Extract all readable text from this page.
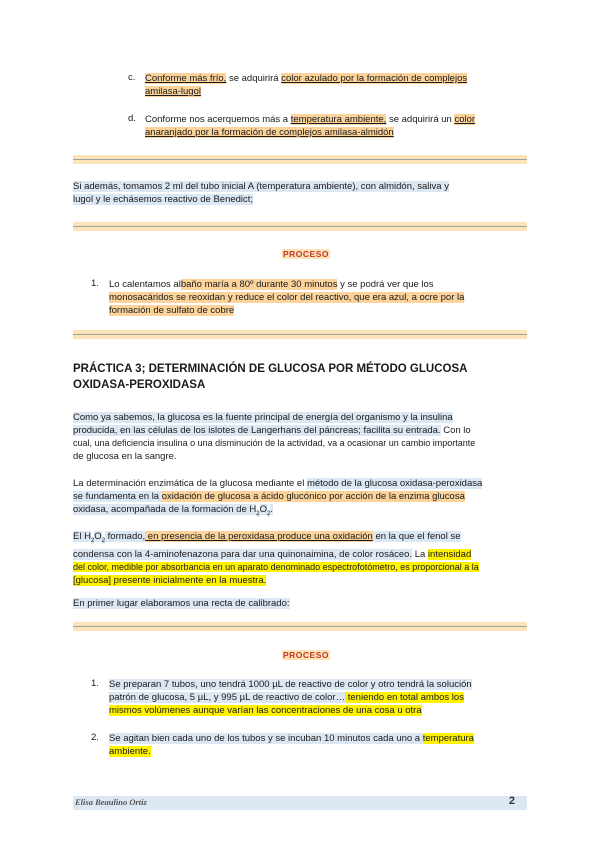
c. Conforme más frío, se adquirirá color azulado por la formación de complejos
amilasa-lugol
d. Conforme nos acerquemos más a temperatura ambiente, se adquirirá un color
anaranjado por la formación de complejos amilasa-almidón
Si además, tomamos 2 ml del tubo inicial A (temperatura ambiente), con almidón, saliva y
lugol y le echásemos reactivo de Benedict;
PROCESO
1. Lo calentamos albaño maría a 80º durante 30 minutos y se podrá ver que los
monosacáridos se reoxidan y reduce el color del reactivo, que era azul, a ocre por la
formación de sulfato de cobre
PRÁCTICA 3; DETERMINACIÓN DE GLUCOSA POR MÉTODO GLUCOSA
OXIDASA-PEROXIDASA
Como ya sabemos, la glucosa es la fuente principal de energía del organismo y la insulina
producida, en las células de los islotes de Langerhans del páncreas; facilita su entrada. Con lo
cual, una deficiencia insulina o una disminución de la actividad, va a ocasionar un cambio importante
de glucosa en la sangre.
La determinación enzimática de la glucosa mediante el método de la glucosa oxidasa-peroxidasa
se fundamenta en la oxidación de glucosa a ácido glucónico por acción de la enzima glucosa
oxidasa, acompañada de la formación de $H_2O_2$.
El $H_2O_2$ formado, en presencia de la peroxidasa produce una oxidación en la que el fenol se
condensa con la 4-aminofenazona para dar una quinonaimina, de color rosáceo. La intensidad
del color, medible por absorbancia en un aparato denominado espectrofotómetro, es proporcional a la
[glucosa] presente inicialmente en la muestra.
En primer lugar elaboramos una recta de calibrado:
PROCESO
1. Se preparan 7 tubos, uno tendrá 1000 µL de reactivo de color y otro tendrá la solución
patrón de glucosa, 5 µL, y 995 µL de reactivo de color… teniendo en total ambos los
mismos volúmenes aunque varían las concentraciones de una cosa u otra
2. Se agitan bien cada uno de los tubos y se incuban 10 minutos cada uno a temperatura
ambiente.
Elisa Beaulino Ortiz	2
